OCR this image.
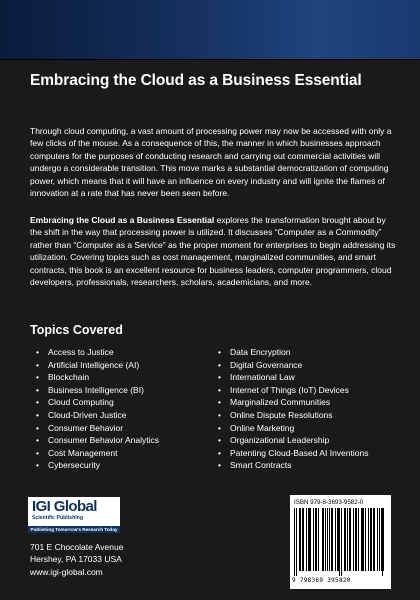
Embracing the Cloud as a Business Essential

Through cloud computing, a vast amount of processing power may now be accessed with only a few clicks of the mouse. As a consequence of this, the manner in which businesses approach computers for the purposes of conducting research and carrying out commercial activities will undergo a considerable transition. This move marks a substantial democratization of computing power, which means that it will have an influence on every industry and will ignite the flames of innovation at a rate that has never been seen before.

Embracing the Cloud as a Business Essential explores the transformation brought about by the shift in the way that processing power is utilized. It discusses “Computer as a Commodity” rather than “Computer as a Service” as the proper moment for enterprises to begin addressing its utilization. Covering topics such as cost management, marginalized communities, and smart contracts, this book is an excellent resource for business leaders, computer programmers, cloud developers, professionals, researchers, scholars, academicians, and more.

Topics Covered
• Access to Justice
• Artificial Intelligence (AI)
• Blockchain
• Business Intelligence (BI)
• Cloud Computing
• Cloud-Driven Justice
• Consumer Behavior
• Consumer Behavior Analytics
• Cost Management
• Cybersecurity
• Data Encryption
• Digital Governance
• International Law
• Internet of Things (IoT) Devices
• Marginalized Communities
• Online Dispute Resolutions
• Online Marketing
• Organizational Leadership
• Patenting Cloud-Based AI Inventions
• Smart Contracts
IGI Global
Scientific Publishing
Publishing Tomorrow's Research Today
701 E Chocolate Avenue
Hershey, PA 17033 USA
www.igi-global.com
ISBN 979-8-3693-9582-0
9 798369 395820
